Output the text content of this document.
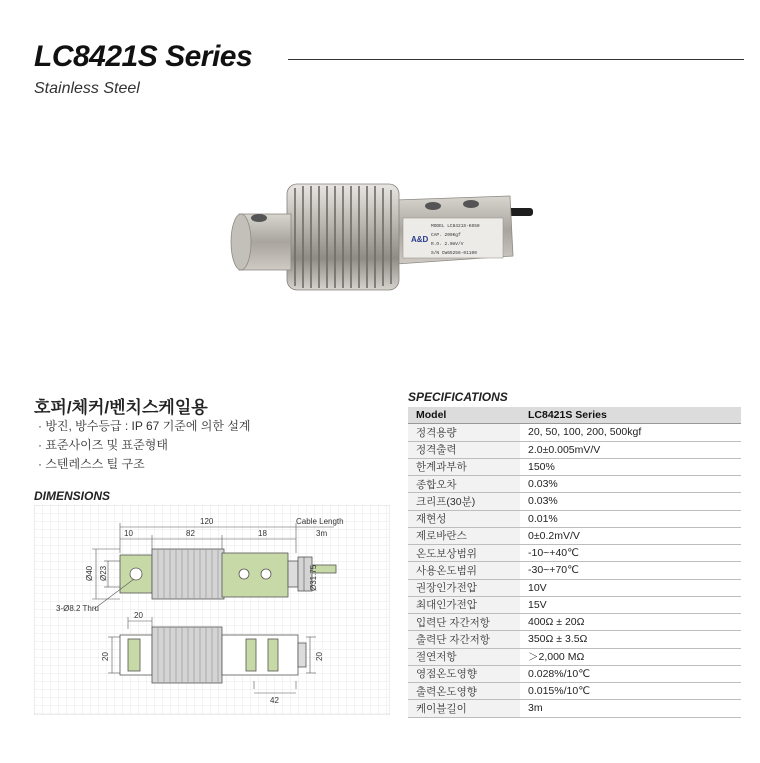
LC8421S Series
Stainless Steel
A&D
MODEL LC8421S-K050
CAP. 200Kgf
R.O. 2.0mV/V
S/N CW65256-01100
호퍼/체커/벤치스케일용
· 방진, 방수등급 : IP 67 기준에 의한 설계
· 표준사이즈 및 표준형태
· 스텐레스스 틸 구조
DIMENSIONS
120
10	82	18
Cable Length
3m
Ø40 Ø23	Ø31.75
3-Ø8.2 Thru
20
20	20
42
SPECIFICATIONS
Model	LC8421S Series
정격용량	20, 50, 100, 200, 500kgf
정격출력	2.0±0.005mV/V
한계과부하	150%
종합오차	0.03%
크리프(30분)	0.03%
재현성	0.01%
제로바란스	0±0.2mV/V
온도보상범위	-10~+40℃
사용온도범위	-30~+70℃
권장인가전압	10V
최대인가전압	15V
입력단 자간저항	400Ω ± 20Ω
출력단 자간저항	350Ω ± 3.5Ω
절연저항	＞2,000 MΩ
영점온도영향	0.028%/10℃
출력온도영향	0.015%/10℃
케이블길이	3m
